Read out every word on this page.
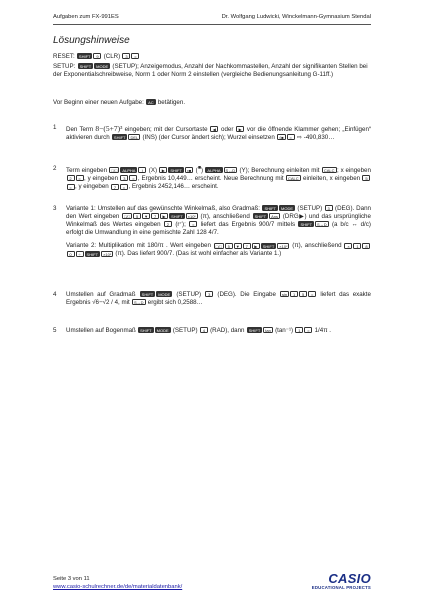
Aufgaben zum FX-991ES	Dr. Wolfgang Ludwicki, Winckelmann-Gymnasium Stendal
Lösungshinweise
RESET: SHIFT 9 (CLR) 3 =
SETUP: SHIFT MODE (SETUP); Anzeigemodus, Anzahl der Nachkommastellen, Anzahl der signifikanten Stellen bei der Exponentialschreibweise, Norm 1 oder Norm 2 einstellen (vergleiche Bedienungsanleitung G-11ff.)
Vor Beginn einer neuen Aufgabe: AC betätigen.
1 Den Term 8−(5+7)³ eingeben; mit der Cursortaste ◀ oder ▶ vor die öffnende Klammer gehen; „Einfügen“ aktivieren durch SHIFT DEL (INS) (der Cursor ändert sich); Wurzel einsetzen √■ = ⇨ -490,830…
2 Term eingeben □/□ ALPHA ) (X) ▶ SHIFT x■ (■) ALPHA S↔D (Y); Berechnung einleiten mit CALC ; x eingeben 2 = , y eingeben 3 = , Ergebnis 10,449… erscheint. Neue Berechnung mit CALC einleiten, x eingeben 5= , y eingeben 7 = , Ergebnis 2452,146… erscheint.
3 Variante 1: Umstellen auf das gewünschte Winkelmaß, also Gradmaß: SHIFT MODE (SETUP) 3 (DEG). Dann den Wert eingeben □/□ 5 ▼ 7 ▶ SHIFT ×10ˣ (π), anschließend SHIFT Ans (DRG▶) und das ursprüngliche Winkelmaß des Wertes eingeben 2 (rᐟ); = liefert das Ergebnis 900/7 mittels SHIFT S↔D (a b/c ↔ d/c) erfolgt die Umwandlung in eine gemischte Zahl 128 4/7.
Variante 2: Multiplikation mit 180/π . Wert eingeben □/□ 5 ▼ 7 ▶ SHIFT ×10ˣ (π), anschließend × 1 80 ÷ SHIFT ×10ˣ (π). Das liefert 900/7. (Das ist wohl einfacher als Variante 1.)
4 Umstellen auf Gradmaß SHIFT MODE (SETUP) 3 (DEG). Die Eingabe sin 1 5 = liefert das exakte Ergebnis √6−√2 / 4, mit S↔D ergibt sich 0,2588…
5 Umstellen auf Bogenmaß SHIFT MODE (SETUP) 4 (RAD), dann SHIFT tan (tan⁻¹) 1 = 1/4π .
Seite 3 von 11
www.casio-schulrechner.de/de/materialdatenbank/
CASIO
EDUCATIONAL PROJECTS
